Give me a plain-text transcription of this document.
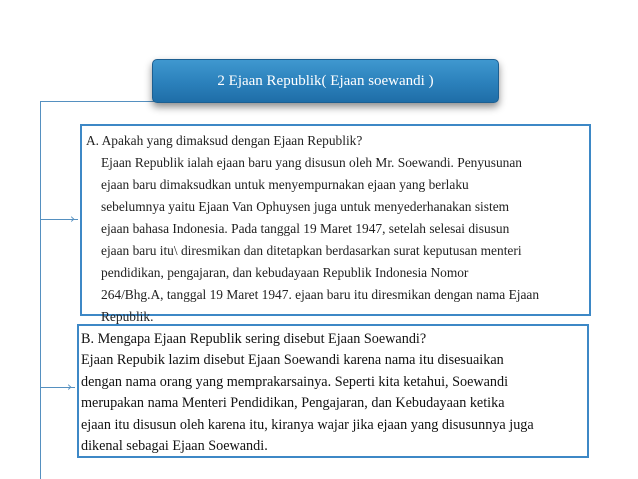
›
›
2 Ejaan Republik( Ejaan soewandi )
A. Apakah yang dimaksud dengan Ejaan Republik?
Ejaan Republik ialah ejaan baru yang disusun oleh Mr. Soewandi. Penyusunan
ejaan baru dimaksudkan untuk menyempurnakan ejaan yang berlaku
sebelumnya yaitu Ejaan Van Ophuysen juga untuk menyederhanakan sistem
ejaan bahasa Indonesia. Pada tanggal 19 Maret 1947, setelah selesai disusun
ejaan baru itu\ diresmikan dan ditetapkan berdasarkan surat keputusan menteri
pendidikan, pengajaran, dan kebudayaan Republik Indonesia Nomor
264/Bhg.A, tanggal 19 Maret 1947. ejaan baru itu diresmikan dengan nama Ejaan
Republik.
B. Mengapa Ejaan Republik sering disebut Ejaan Soewandi?
Ejaan Repubik lazim disebut Ejaan Soewandi karena nama itu disesuaikan
dengan nama orang yang memprakarsainya. Seperti kita ketahui, Soewandi
merupakan nama Menteri Pendidikan, Pengajaran, dan Kebudayaan ketika
ejaan itu disusun oleh karena itu, kiranya wajar jika ejaan yang disusunnya juga
dikenal sebagai Ejaan Soewandi.
